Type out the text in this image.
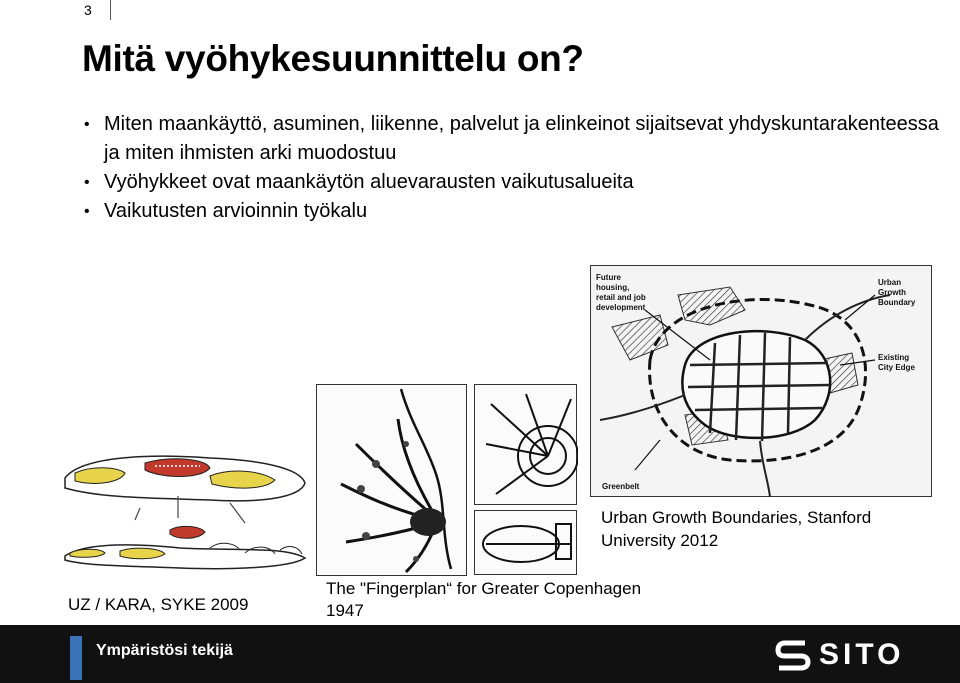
3
Mitä vyöhykesuunnittelu on?
• Miten maankäyttö, asuminen, liikenne, palvelut ja elinkeinot sijaitsevat yhdyskuntarakenteessa ja miten ihmisten arki muodostuu
• Vyöhykkeet ovat maankäytön aluevarausten vaikutusalueita
• Vaikutusten arvioinnin työkalu
Future
housing,
retail and job
development
Urban
Growth
Boundary
Existing
City Edge
Greenbelt
Urban Growth Boundaries, Stanford
University 2012
The "Fingerplan“ for Greater Copenhagen
1947
UZ / KARA, SYKE 2009
Ympäristösi tekijä	SITO
